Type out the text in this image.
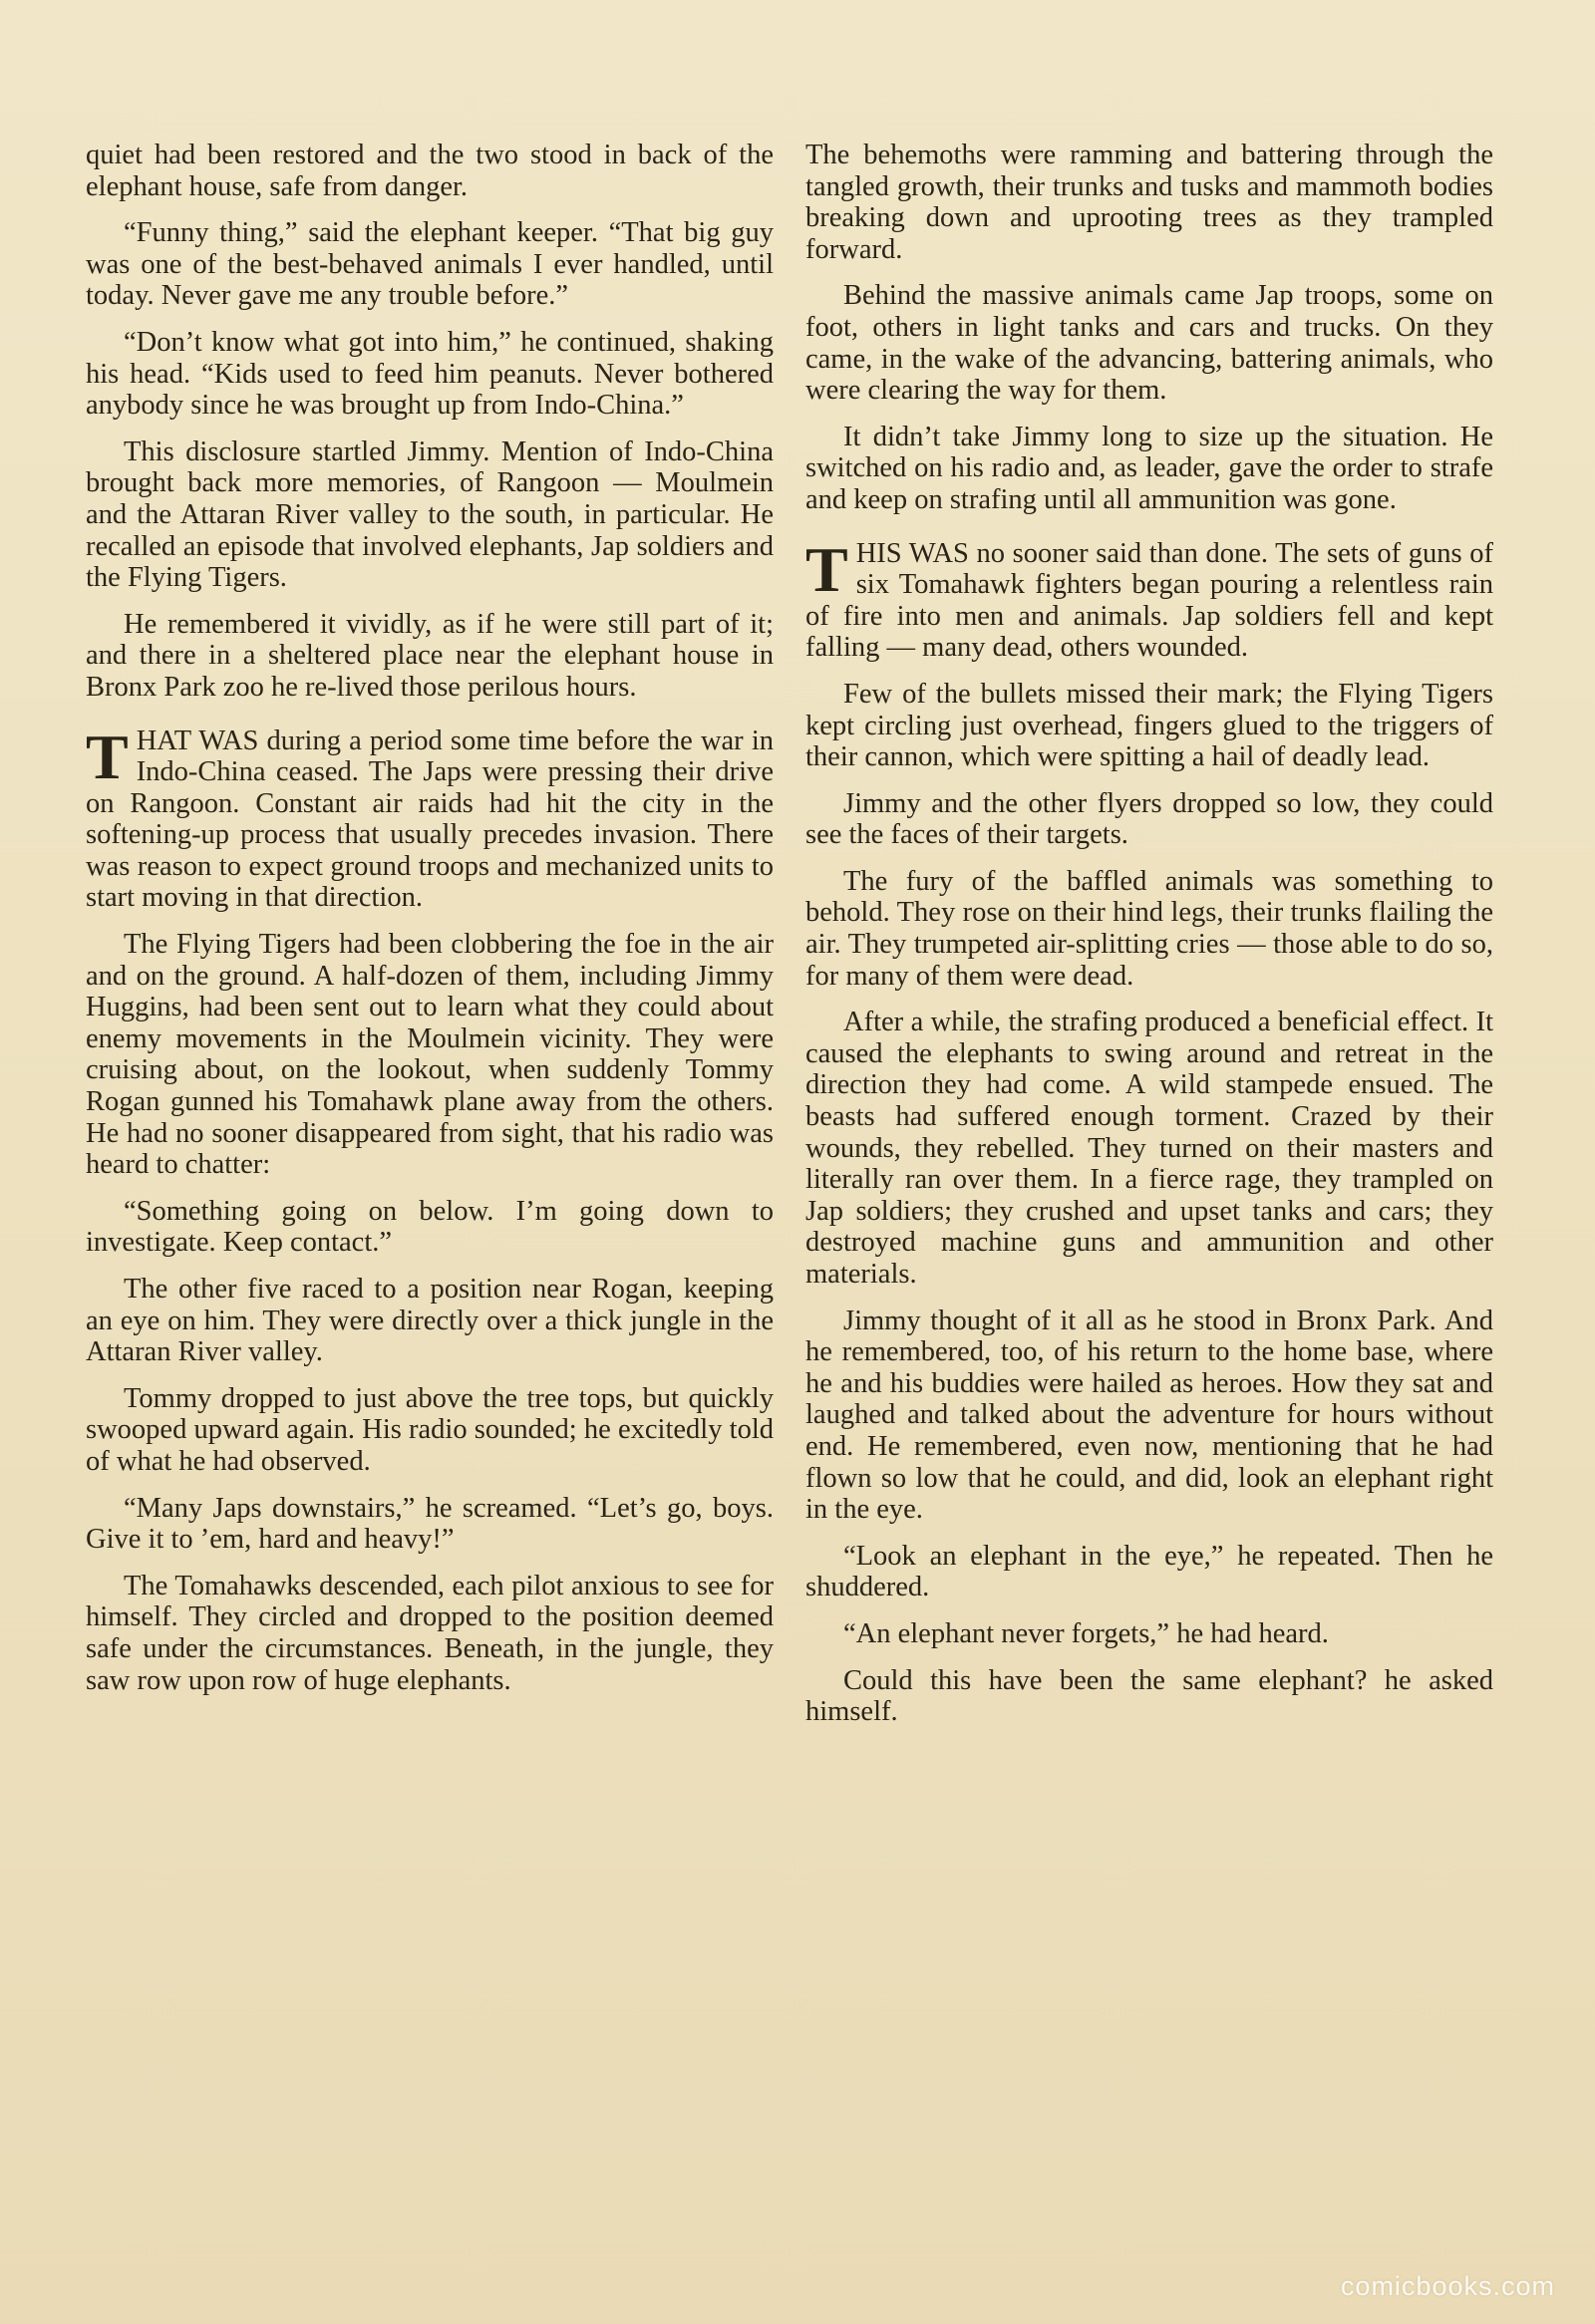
quiet had been restored and the two stood in back of the elephant house, safe from danger.

“Funny thing,” said the elephant keeper. “That big guy was one of the best-behaved animals I ever handled, until today. Never gave me any trouble before.”

“Don’t know what got into him,” he continued, shaking his head. “Kids used to feed him peanuts. Never bothered anybody since he was brought up from Indo-China.”

This disclosure startled Jimmy. Mention of Indo-China brought back more memories, of Rangoon — Moulmein and the Attaran River valley to the south, in particular. He recalled an episode that involved elephants, Jap soldiers and the Flying Tigers.

He remembered it vividly, as if he were still part of it; and there in a sheltered place near the elephant house in Bronx Park zoo he re-lived those perilous hours.

THAT WAS during a period some time before the war in Indo-China ceased. The Japs were pressing their drive on Rangoon. Constant air raids had hit the city in the softening-up process that usually precedes invasion. There was reason to expect ground troops and mechanized units to start moving in that direction.

The Flying Tigers had been clobbering the foe in the air and on the ground. A half-dozen of them, including Jimmy Huggins, had been sent out to learn what they could about enemy movements in the Moulmein vicinity. They were cruising about, on the lookout, when suddenly Tommy Rogan gunned his Tomahawk plane away from the others. He had no sooner disappeared from sight, that his radio was heard to chatter:

“Something going on below. I’m going down to investigate. Keep contact.”

The other five raced to a position near Rogan, keeping an eye on him. They were directly over a thick jungle in the Attaran River valley.

Tommy dropped to just above the tree tops, but quickly swooped upward again. His radio sounded; he excitedly told of what he had observed.

“Many Japs downstairs,” he screamed. “Let’s go, boys. Give it to ’em, hard and heavy!”

The Tomahawks descended, each pilot anxious to see for himself. They circled and dropped to the position deemed safe under the circumstances. Beneath, in the jungle, they saw row upon row of huge elephants.

The behemoths were ramming and battering through the tangled growth, their trunks and tusks and mammoth bodies breaking down and uprooting trees as they trampled forward.

Behind the massive animals came Jap troops, some on foot, others in light tanks and cars and trucks. On they came, in the wake of the advancing, battering animals, who were clearing the way for them.

It didn’t take Jimmy long to size up the situation. He switched on his radio and, as leader, gave the order to strafe and keep on strafing until all ammunition was gone.

THIS WAS no sooner said than done. The sets of guns of six Tomahawk fighters began pouring a relentless rain of fire into men and animals. Jap soldiers fell and kept falling — many dead, others wounded.

Few of the bullets missed their mark; the Flying Tigers kept circling just overhead, fingers glued to the triggers of their cannon, which were spitting a hail of deadly lead.

Jimmy and the other flyers dropped so low, they could see the faces of their targets.

The fury of the baffled animals was something to behold. They rose on their hind legs, their trunks flailing the air. They trumpeted air-splitting cries — those able to do so, for many of them were dead.

After a while, the strafing produced a beneficial effect. It caused the elephants to swing around and retreat in the direction they had come. A wild stampede ensued. The beasts had suffered enough torment. Crazed by their wounds, they rebelled. They turned on their masters and literally ran over them. In a fierce rage, they trampled on Jap soldiers; they crushed and upset tanks and cars; they destroyed machine guns and ammunition and other materials.

Jimmy thought of it all as he stood in Bronx Park. And he remembered, too, of his return to the home base, where he and his buddies were hailed as heroes. How they sat and laughed and talked about the adventure for hours without end. He remembered, even now, mentioning that he had flown so low that he could, and did, look an elephant right in the eye.

“Look an elephant in the eye,” he repeated. Then he shuddered.

“An elephant never forgets,” he had heard.

Could this have been the same elephant? he asked himself.

comicbooks.com
